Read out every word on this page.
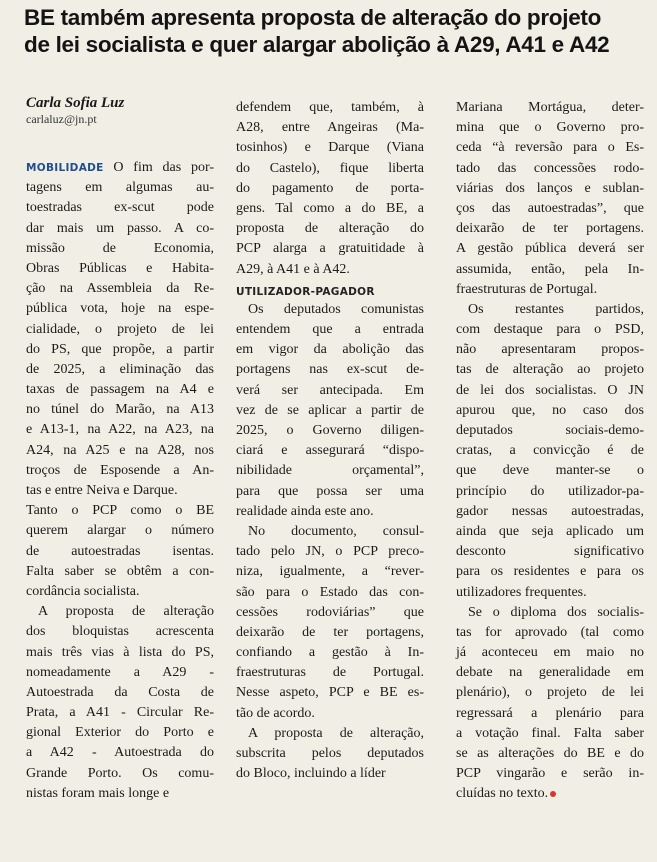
BE também apresenta proposta de alteração do projeto
de lei socialista e quer alargar abolição à A29, A41 e A42
Carla Sofia Luz
carlaluz@jn.pt
MOBILIDADE O fim das por-
tagens em algumas au-
toestradas ex-scut pode
dar mais um passo. A co-
missão de Economia,
Obras Públicas e Habita-
ção na Assembleia da Re-
pública vota, hoje na espe-
cialidade, o projeto de lei
do PS, que propõe, a partir
de 2025, a eliminação das
taxas de passagem na A4 e
no túnel do Marão, na A13
e A13-1, na A22, na A23, na
A24, na A25 e na A28, nos
troços de Esposende a An-
tas e entre Neiva e Darque.
Tanto o PCP como o BE
querem alargar o número
de autoestradas isentas.
Falta saber se obtêm a con-
cordância socialista.
A proposta de alteração
dos bloquistas acrescenta
mais três vias à lista do PS,
nomeadamente a A29 -
Autoestrada da Costa de
Prata, a A41 - Circular Re-
gional Exterior do Porto e
a A42 - Autoestrada do
Grande Porto. Os comu-
nistas foram mais longe e
defendem que, também, à
A28, entre Angeiras (Ma-
tosinhos) e Darque (Viana
do Castelo), fique liberta
do pagamento de porta-
gens. Tal como a do BE, a
proposta de alteração do
PCP alarga a gratuitidade à
A29, à A41 e à A42.
UTILIZADOR-PAGADOR
Os deputados comunistas
entendem que a entrada
em vigor da abolição das
portagens nas ex-scut de-
verá ser antecipada. Em
vez de se aplicar a partir de
2025, o Governo diligen-
ciará e assegurará “dispo-
nibilidade orçamental”,
para que possa ser uma
realidade ainda este ano.
No documento, consul-
tado pelo JN, o PCP preco-
niza, igualmente, a “rever-
são para o Estado das con-
cessões rodoviárias” que
deixarão de ter portagens,
confiando a gestão à In-
fraestruturas de Portugal.
Nesse aspeto, PCP e BE es-
tão de acordo.
A proposta de alteração,
subscrita pelos deputados
do Bloco, incluindo a líder
Mariana Mortágua, deter-
mina que o Governo pro-
ceda “à reversão para o Es-
tado das concessões rodo-
viárias dos lanços e sublan-
ços das autoestradas”, que
deixarão de ter portagens.
A gestão pública deverá ser
assumida, então, pela In-
fraestruturas de Portugal.
Os restantes partidos,
com destaque para o PSD,
não apresentaram propos-
tas de alteração ao projeto
de lei dos socialistas. O JN
apurou que, no caso dos
deputados sociais-demo-
cratas, a convicção é de
que deve manter-se o
princípio do utilizador-pa-
gador nessas autoestradas,
ainda que seja aplicado um
desconto significativo
para os residentes e para os
utilizadores frequentes.
Se o diploma dos socialis-
tas for aprovado (tal como
já aconteceu em maio no
debate na generalidade em
plenário), o projeto de lei
regressará a plenário para
a votação final. Falta saber
se as alterações do BE e do
PCP vingarão e serão in-
cluídas no texto.
